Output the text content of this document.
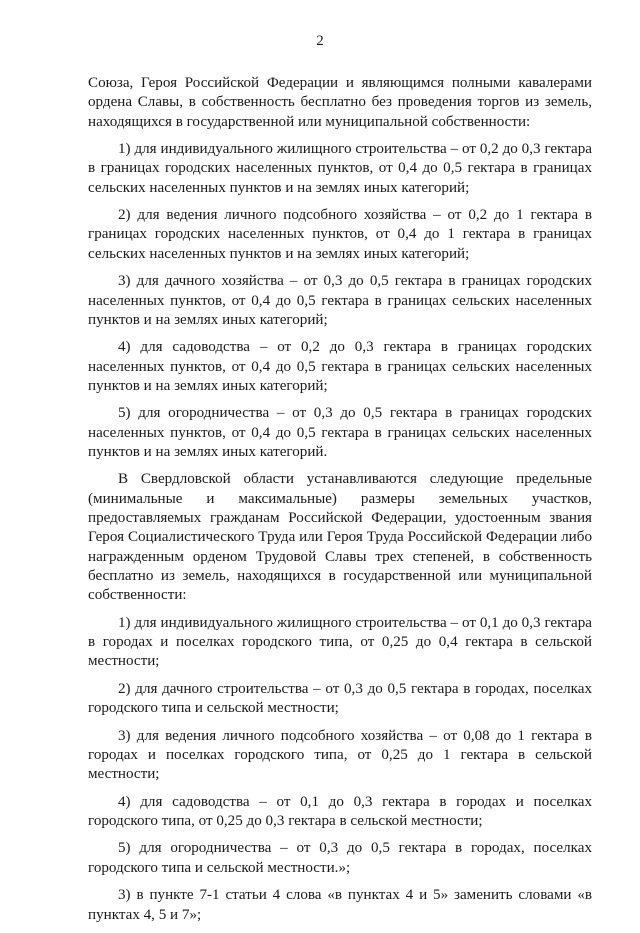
2

Союза, Героя Российской Федерации и являющимся полными кавалерами ордена Славы, в собственность бесплатно без проведения торгов из земель, находящихся в государственной или муниципальной собственности:

1) для индивидуального жилищного строительства – от 0,2 до 0,3 гектара в границах городских населенных пунктов, от 0,4 до 0,5 гектара в границах сельских населенных пунктов и на землях иных категорий;

2) для ведения личного подсобного хозяйства – от 0,2 до 1 гектара в границах городских населенных пунктов, от 0,4 до 1 гектара в границах сельских населенных пунктов и на землях иных категорий;

3) для дачного хозяйства – от 0,3 до 0,5 гектара в границах городских населенных пунктов, от 0,4 до 0,5 гектара в границах сельских населенных пунктов и на землях иных категорий;

4) для садоводства – от 0,2 до 0,3 гектара в границах городских населенных пунктов, от 0,4 до 0,5 гектара в границах сельских населенных пунктов и на землях иных категорий;

5) для огородничества – от 0,3 до 0,5 гектара в границах городских населенных пунктов, от 0,4 до 0,5 гектара в границах сельских населенных пунктов и на землях иных категорий.

В Свердловской области устанавливаются следующие предельные (минимальные и максимальные) размеры земельных участков, предоставляемых гражданам Российской Федерации, удостоенным звания Героя Социалистического Труда или Героя Труда Российской Федерации либо награжденным орденом Трудовой Славы трех степеней, в собственность бесплатно из земель, находящихся в государственной или муниципальной собственности:

1) для индивидуального жилищного строительства – от 0,1 до 0,3 гектара в городах и поселках городского типа, от 0,25 до 0,4 гектара в сельской местности;

2) для дачного строительства – от 0,3 до 0,5 гектара в городах, поселках городского типа и сельской местности;

3) для ведения личного подсобного хозяйства – от 0,08 до 1 гектара в городах и поселках городского типа, от 0,25 до 1 гектара в сельской местности;

4) для садоводства – от 0,1 до 0,3 гектара в городах и поселках городского типа, от 0,25 до 0,3 гектара в сельской местности;

5) для огородничества – от 0,3 до 0,5 гектара в городах, поселках городского типа и сельской местности.»;

3) в пункте 7-1 статьи 4 слова «в пунктах 4 и 5» заменить словами «в пунктах 4, 5 и 7»;
